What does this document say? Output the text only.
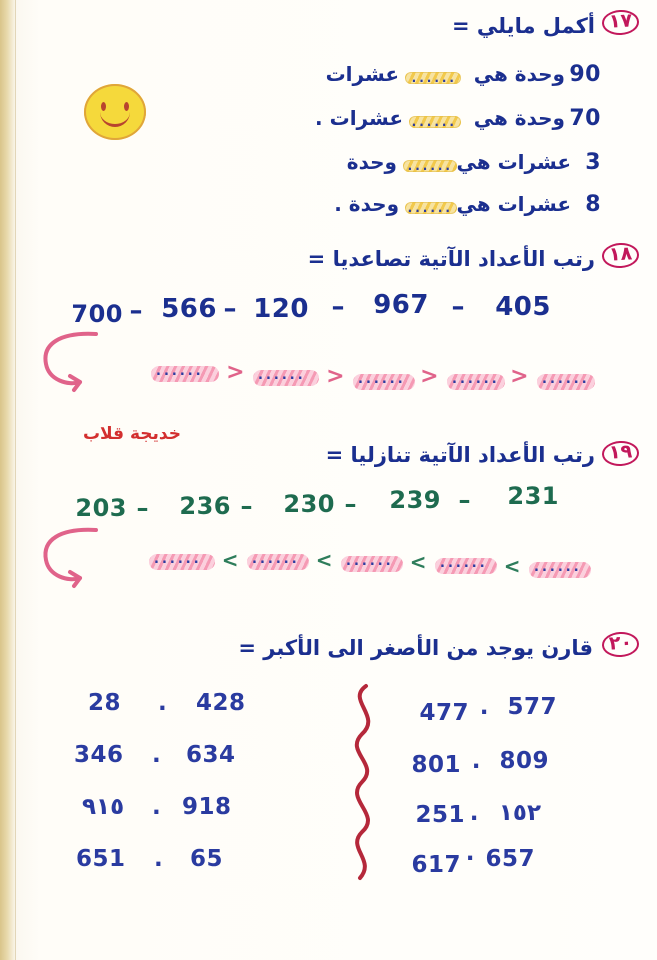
١٧
أكمل مايلي =
90
وحدة هي
......
عشرات
70
وحدة هي
......
عشرات .
3
عشرات هي
......
وحدة
8
عشرات هي
......
وحدة .
١٨
رتب الأعداد الآتية تصاعديا =
405
–
967
–
120
–
566
–
700
......
<
......
<
......
<
......
<
......
خديجة قلاب
١٩
رتب الأعداد الآتية تنازليا =
231
–
239
–
230
–
236
–
203
......
>
......
>
......
>
......
>
......
٢٠
قارن يوجد من الأصغر الى الأكبر =
577
.
477
809
.
801
١٥٢
.
251
657
·
617
28 . 428
346 . 634
٩١٥ . 918
651 . 65
